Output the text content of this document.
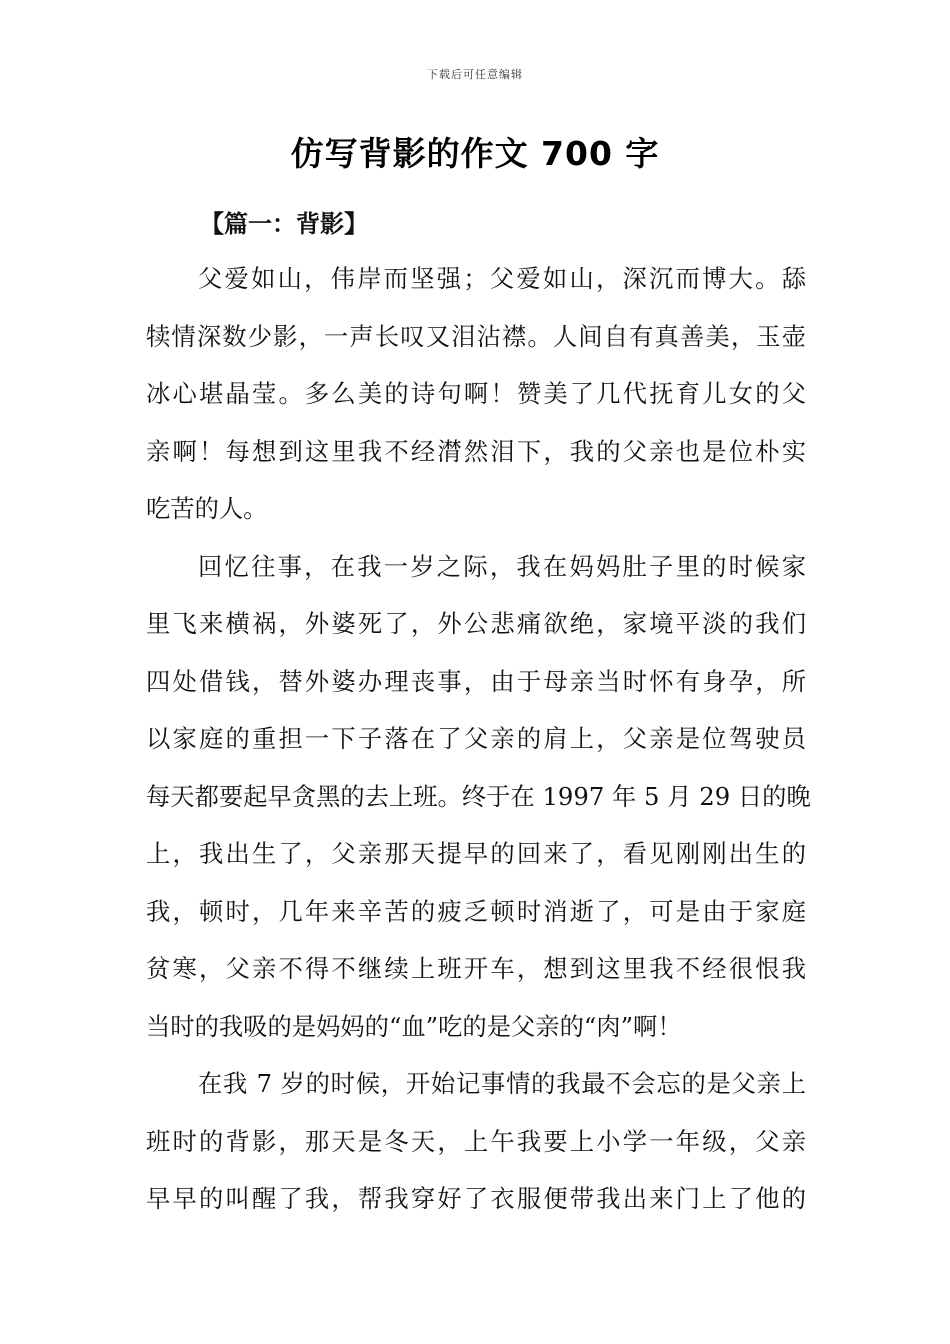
下载后可任意编辑
仿写背影的作文 700 字
【篇一：背影】
父爱如山，伟岸而坚强；父爱如山，深沉而博大。舔
犊情深数少影，一声长叹又泪沾襟。人间自有真善美，玉壶
冰心堪晶莹。多么美的诗句啊！赞美了几代抚育儿女的父
亲啊！每想到这里我不经潸然泪下，我的父亲也是位朴实
吃苦的人。
回忆往事，在我一岁之际，我在妈妈肚子里的时候家
里飞来横祸，外婆死了，外公悲痛欲绝，家境平淡的我们
四处借钱，替外婆办理丧事，由于母亲当时怀有身孕，所
以家庭的重担一下子落在了父亲的肩上，父亲是位驾驶员
每天都要起早贪黑的去上班。终于在 1997 年 5 月 29 日的晚
上，我出生了，父亲那天提早的回来了，看见刚刚出生的
我，顿时，几年来辛苦的疲乏顿时消逝了，可是由于家庭
贫寒，父亲不得不继续上班开车，想到这里我不经很恨我
当时的我吸的是妈妈的“血”吃的是父亲的“肉”啊！
在我 7 岁的时候，开始记事情的我最不会忘的是父亲上
班时的背影，那天是冬天，上午我要上小学一年级，父亲
早早的叫醒了我，帮我穿好了衣服便带我出来门上了他的
